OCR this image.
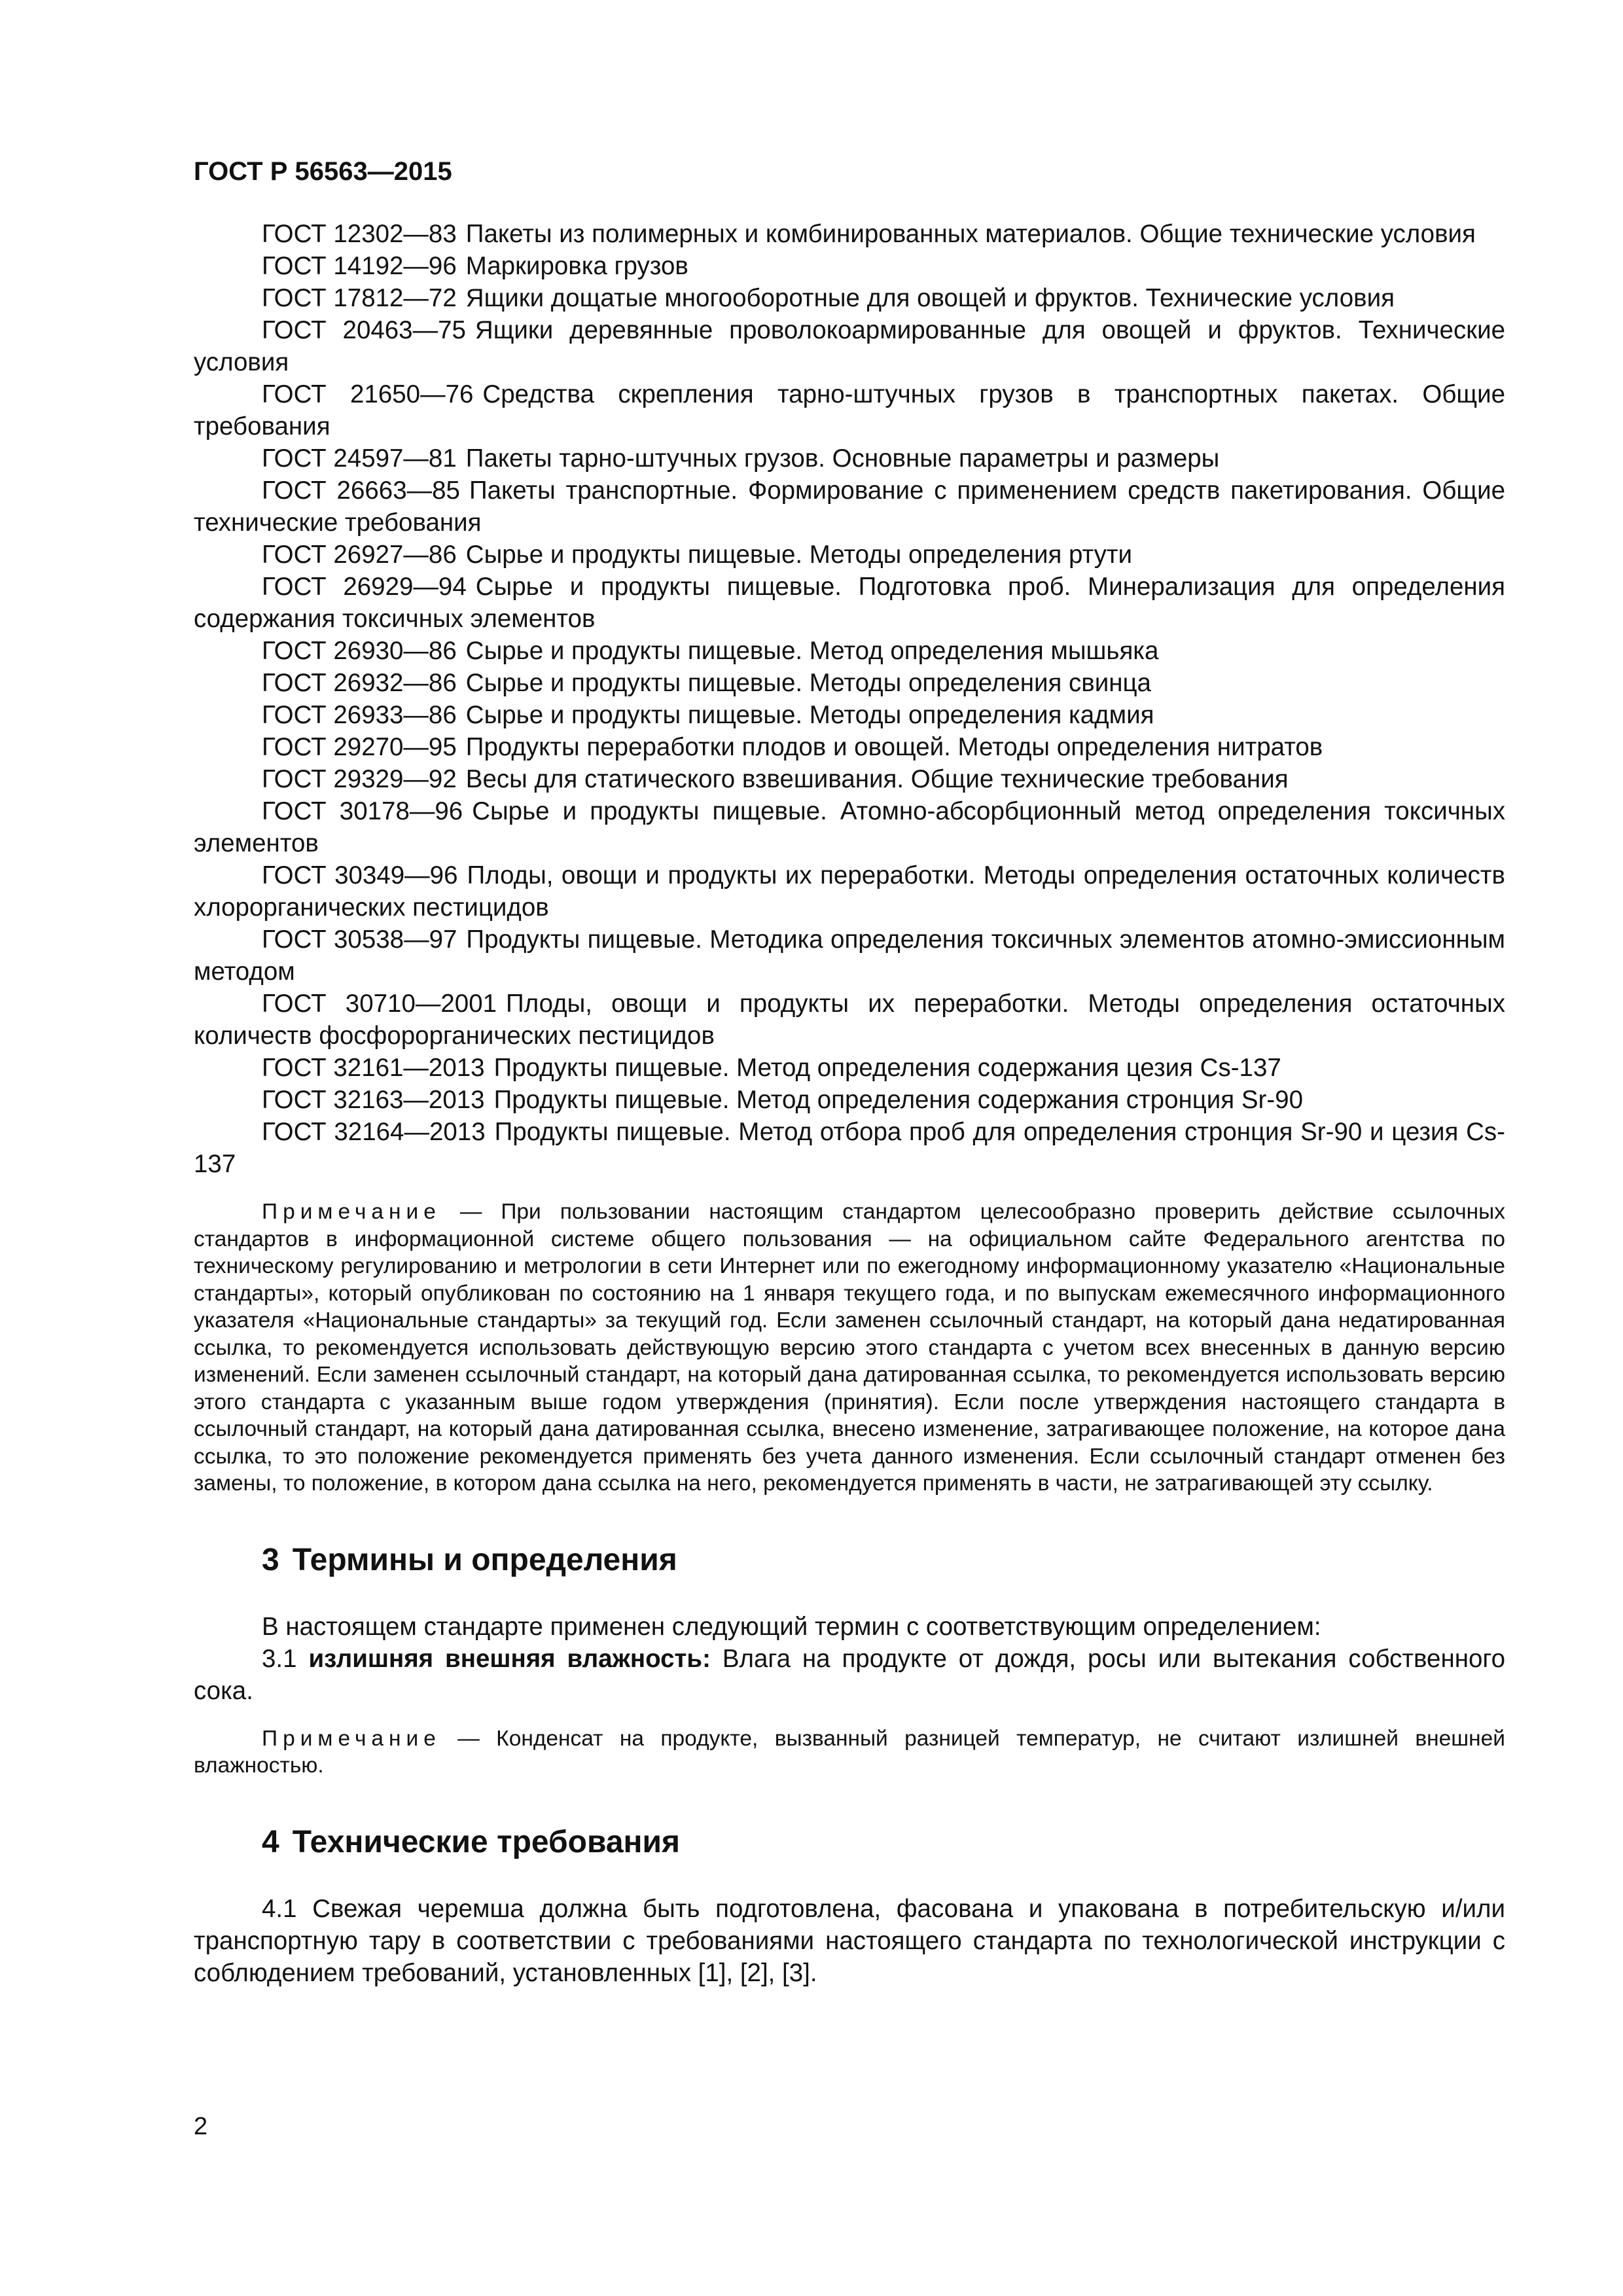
ГОСТ Р 56563—2015

ГОСТ 12302—83 Пакеты из полимерных и комбинированных материалов. Общие технические условия

ГОСТ 14192—96 Маркировка грузов

ГОСТ 17812—72 Ящики дощатые многооборотные для овощей и фруктов. Технические условия

ГОСТ 20463—75 Ящики деревянные проволокоармированные для овощей и фруктов. Технические условия

ГОСТ 21650—76 Средства скрепления тарно-штучных грузов в транспортных пакетах. Общие требования

ГОСТ 24597—81 Пакеты тарно-штучных грузов. Основные параметры и размеры

ГОСТ 26663—85 Пакеты транспортные. Формирование с применением средств пакетирования. Общие технические требования

ГОСТ 26927—86 Сырье и продукты пищевые. Методы определения ртути

ГОСТ 26929—94 Сырье и продукты пищевые. Подготовка проб. Минерализация для определения содержания токсичных элементов

ГОСТ 26930—86 Сырье и продукты пищевые. Метод определения мышьяка

ГОСТ 26932—86 Сырье и продукты пищевые. Методы определения свинца

ГОСТ 26933—86 Сырье и продукты пищевые. Методы определения кадмия

ГОСТ 29270—95 Продукты переработки плодов и овощей. Методы определения нитратов

ГОСТ 29329—92 Весы для статического взвешивания. Общие технические требования

ГОСТ 30178—96 Сырье и продукты пищевые. Атомно-абсорбционный метод определения токсичных элементов

ГОСТ 30349—96 Плоды, овощи и продукты их переработки. Методы определения остаточных количеств хлорорганических пестицидов

ГОСТ 30538—97 Продукты пищевые. Методика определения токсичных элементов атомно-эмиссионным методом

ГОСТ 30710—2001 Плоды, овощи и продукты их переработки. Методы определения остаточных количеств фосфорорганических пестицидов

ГОСТ 32161—2013 Продукты пищевые. Метод определения содержания цезия Cs-137

ГОСТ 32163—2013 Продукты пищевые. Метод определения содержания стронция Sr-90

ГОСТ 32164—2013 Продукты пищевые. Метод отбора проб для определения стронция Sr-90 и цезия Cs-137

Примечание — При пользовании настоящим стандартом целесообразно проверить действие ссылочных стандартов в информационной системе общего пользования — на официальном сайте Федерального агентства по техническому регулированию и метрологии в сети Интернет или по ежегодному информационному указателю «Национальные стандарты», который опубликован по состоянию на 1 января текущего года, и по выпускам ежемесячного информационного указателя «Национальные стандарты» за текущий год. Если заменен ссылочный стандарт, на который дана недатированная ссылка, то рекомендуется использовать действующую версию этого стандарта с учетом всех внесенных в данную версию изменений. Если заменен ссылочный стандарт, на который дана датированная ссылка, то рекомендуется использовать версию этого стандарта с указанным выше годом утверждения (принятия). Если после утверждения настоящего стандарта в ссылочный стандарт, на который дана датированная ссылка, внесено изменение, затрагивающее положение, на которое дана ссылка, то это положение рекомендуется применять без учета данного изменения. Если ссылочный стандарт отменен без замены, то положение, в котором дана ссылка на него, рекомендуется применять в части, не затрагивающей эту ссылку.

3 Термины и определения

В настоящем стандарте применен следующий термин с соответствующим определением:

3.1 излишняя внешняя влажность: Влага на продукте от дождя, росы или вытекания собственного сока.

Примечание — Конденсат на продукте, вызванный разницей температур, не считают излишней внешней влажностью.

4 Технические требования

4.1 Свежая черемша должна быть подготовлена, фасована и упакована в потребительскую и/или транспортную тару в соответствии с требованиями настоящего стандарта по технологической инструкции с соблюдением требований, установленных [1], [2], [3].

2
